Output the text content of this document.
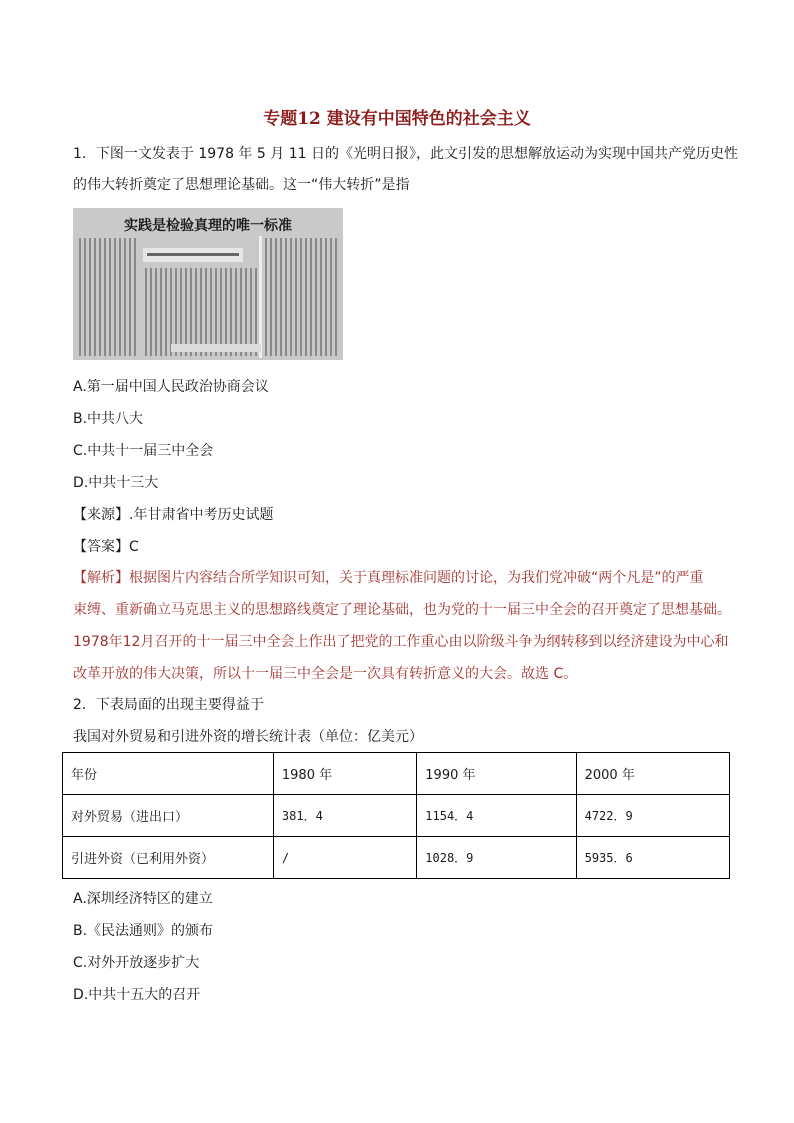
专题12 建设有中国特色的社会主义
1．下图一文发表于 1978 年 5 月 11 日的《光明日报》，此文引发的思想解放运动为实现中国共产党历史性
的伟大转折奠定了思想理论基础。这一“伟大转折”是指
实践是检验真理的唯一标准
A.第一届中国人民政治协商会议
B.中共八大
C.中共十一届三中全会
D.中共十三大
【来源】.年甘肃省中考历史试题
【答案】C
【解析】根据图片内容结合所学知识可知，关于真理标准问题的讨论，为我们党冲破“两个凡是”的严重
束缚、重新确立马克思主义的思想路线奠定了理论基础，也为党的十一届三中全会的召开奠定了思想基础。
1978年12月召开的十一届三中全会上作出了把党的工作重心由以阶级斗争为纲转移到以经济建设为中心和
改革开放的伟大决策，所以十一届三中全会是一次具有转折意义的大会。故选 C。
2．下表局面的出现主要得益于
我国对外贸易和引进外资的增长统计表（单位：亿美元）
年份	1980 年	1990 年	2000 年
对外贸易（进出口）	381．4	1154．4	4722．9
引进外资（已利用外资）	/	1028．9	5935．6
A.深圳经济特区的建立
B.《民法通则》的颁布
C.对外开放逐步扩大
D.中共十五大的召开
